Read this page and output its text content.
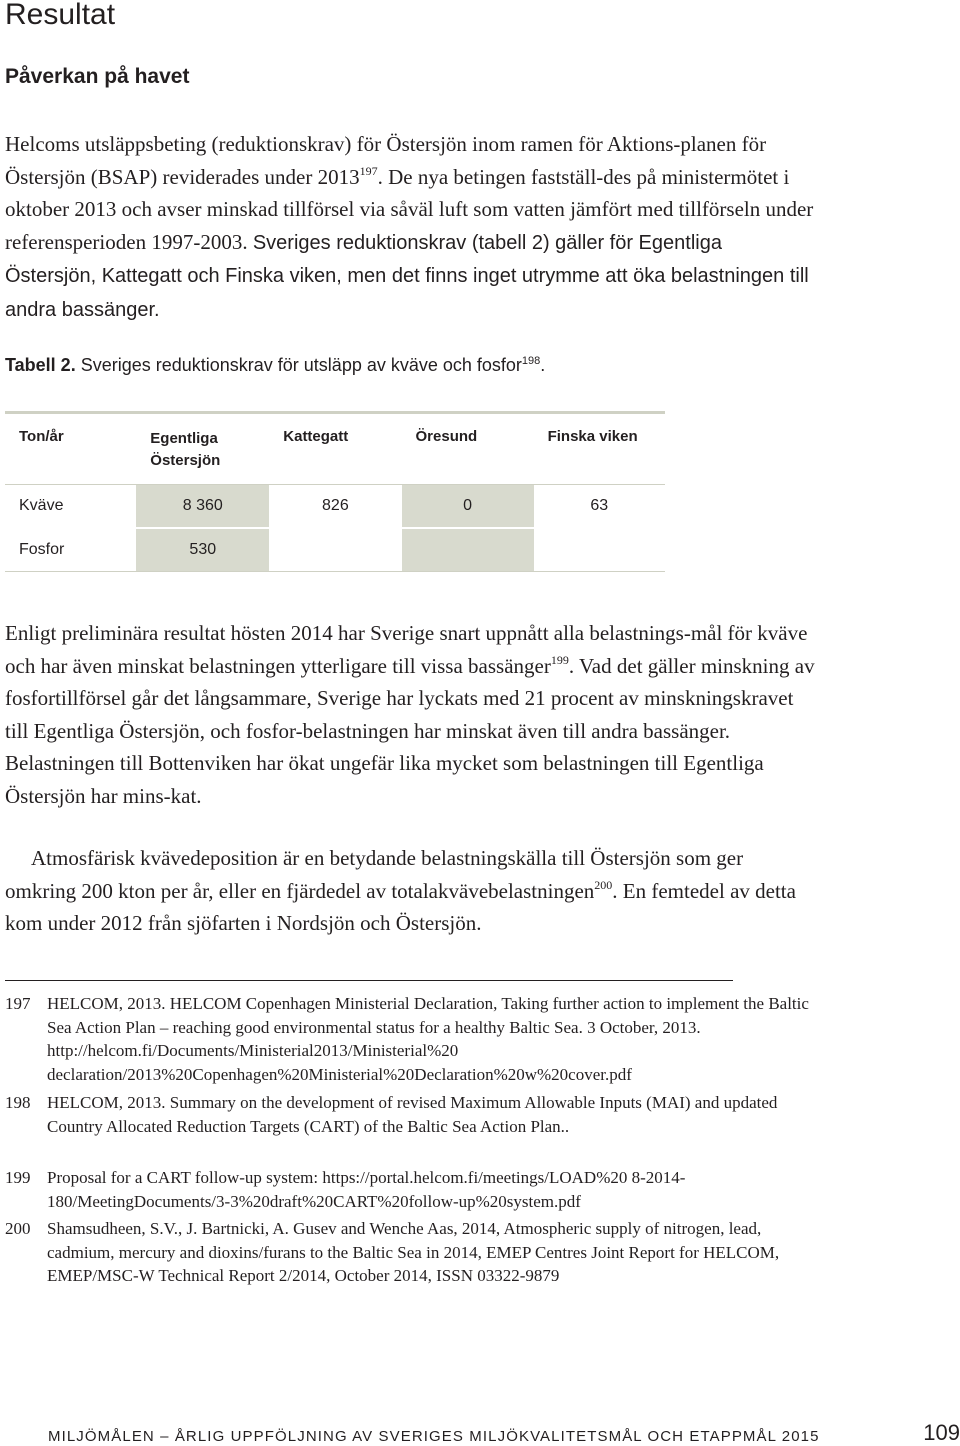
Resultat
Påverkan på havet

Helcoms utsläppsbeting (reduktionskrav) för Östersjön inom ramen för Aktions-planen för Östersjön (BSAP) reviderades under 2013$^{197}$. De nya betingen fastställ-des på ministermötet i oktober 2013 och avser minskad tillförsel via såväl luft som vatten jämfört med tillförseln under referensperioden 1997-2003. Sveriges reduktionskrav (tabell 2) gäller för Egentliga Östersjön, Kattegatt och Finska viken, men det finns inget utrymme att öka belastningen till andra bassänger.

Tabell 2. Sveriges reduktionskrav för utsläpp av kväve och fosfor$^{198}$.

Ton/år	Egentliga Östersjön	Kattegatt	Öresund	Finska viken
Kväve	8 360	826	0	63
Fosfor	530			

Enligt preliminära resultat hösten 2014 har Sverige snart uppnått alla belastnings-mål för kväve och har även minskat belastningen ytterligare till vissa bassänger$^{199}$. Vad det gäller minskning av fosfortillförsel går det långsammare, Sverige har lyckats med 21 procent av minskningskravet till Egentliga Östersjön, och fosfor-belastningen har minskat även till andra bassänger. Belastningen till Bottenviken har ökat ungefär lika mycket som belastningen till Egentliga Östersjön har mins-kat.

Atmosfärisk kvävedeposition är en betydande belastningskälla till Östersjön som ger omkring 200 kton per år, eller en fjärdedel av totalakvävebelastningen$^{200}$. En femtedel av detta kom under 2012 från sjöfarten i Nordsjön och Östersjön.

197 HELCOM, 2013. HELCOM Copenhagen Ministerial Declaration, Taking further action to implement the Baltic Sea Action Plan – reaching good environmental status for a healthy Baltic Sea. 3 October, 2013. http://helcom.fi/Documents/Ministerial2013/Ministerial%20 declaration/2013%20Copenhagen%20Ministerial%20Declaration%20w%20cover.pdf
198 HELCOM, 2013. Summary on the development of revised Maximum Allowable Inputs (MAI) and updated Country Allocated Reduction Targets (CART) of the Baltic Sea Action Plan..
199 Proposal for a CART follow-up system: https://portal.helcom.fi/meetings/LOAD%20 8-2014-180/MeetingDocuments/3-3%20draft%20CART%20follow-up%20system.pdf
200 Shamsudheen, S.V., J. Bartnicki, A. Gusev and Wenche Aas, 2014, Atmospheric supply of nitrogen, lead, cadmium, mercury and dioxins/furans to the Baltic Sea in 2014, EMEP Centres Joint Report for HELCOM, EMEP/MSC-W Technical Report 2/2014, October 2014, ISSN 03322-9879
MILJÖMÅLEN – ÅRLIG UPPFÖLJNING AV SVERIGES MILJÖKVALITETSMÅL OCH ETAPPMÅL 2015	109
